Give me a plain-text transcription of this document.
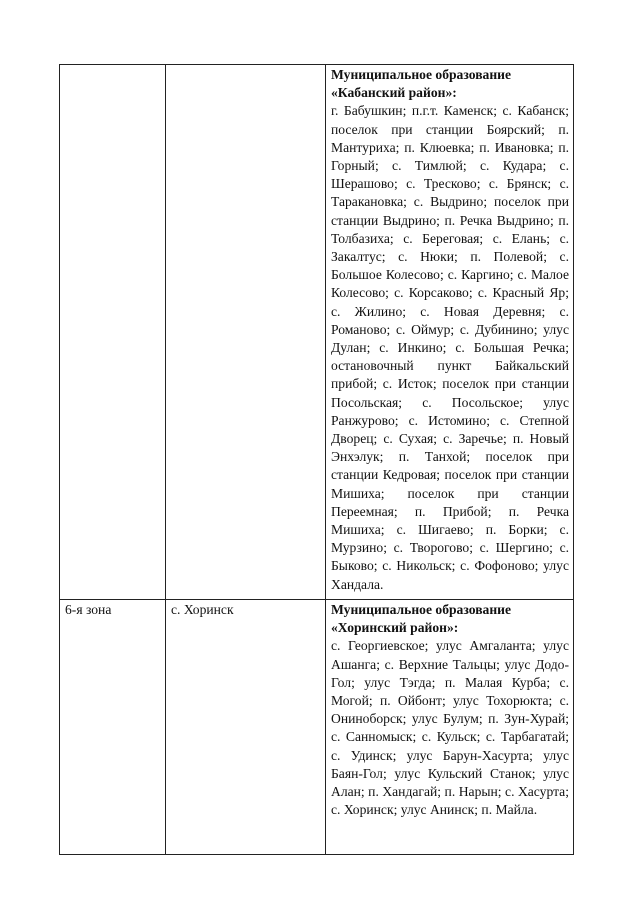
		Муниципальное образование «Кабанский район»:
г. Бабушкин; п.г.т. Каменск; с. Кабанск; поселок при станции Боярский; п. Мантуриха; п. Клюевка; п. Ивановка; п. Горный; с. Тимлюй; с. Кудара; с. Шерашово; с. Тресково; с. Брянск; с. Таракановка; с. Выдрино; поселок при станции Выдрино; п. Речка Выдрино; п. Толбазиха; с. Береговая; с. Елань; с. Закалтус; с. Нюки; п. Полевой; с. Большое Колесово; с. Каргино; с. Малое Колесово; с. Корсаково; с. Красный Яр; с. Жилино; с. Новая Деревня; с. Романово; с. Оймур; с. Дубинино; улус Дулан; с. Инкино; с. Большая Речка; остановочный пункт Байкальский прибой; с. Исток; поселок при станции Посольская; с. Посольское; улус Ранжурово; с. Истомино; с. Степной Дворец; с. Сухая; с. Заречье; п. Новый Энхэлук; п. Танхой; поселок при станции Кедровая; поселок при станции Мишиха; поселок при станции Переемная; п. Прибой; п. Речка Мишиха; с. Шигаево; п. Борки; с. Мурзино; с. Творогово; с. Шергино; с. Быково; с. Никольск; с. Фофоново; улус Хандала.

6-я зона	с. Хоринск	Муниципальное образование «Хоринский район»:
с. Георгиевское; улус Амгаланта; улус Ашанга; с. Верхние Тальцы; улус Додо-Гол; улус Тэгда; п. Малая Курба; с. Могой; п. Ойбонт; улус Тохорюкта; с. Онинoборск; улус Булум; п. Зун-Хурай; с. Санномыск; с. Кульск; с. Тарбагатай; с. Удинск; улус Барун-Хасурта; улус Баян-Гол; улус Кульский Станок; улус Алан; п. Хандагай; п. Нарын; с. Хасурта; с. Хоринск; улус Анинск; п. Майла.
